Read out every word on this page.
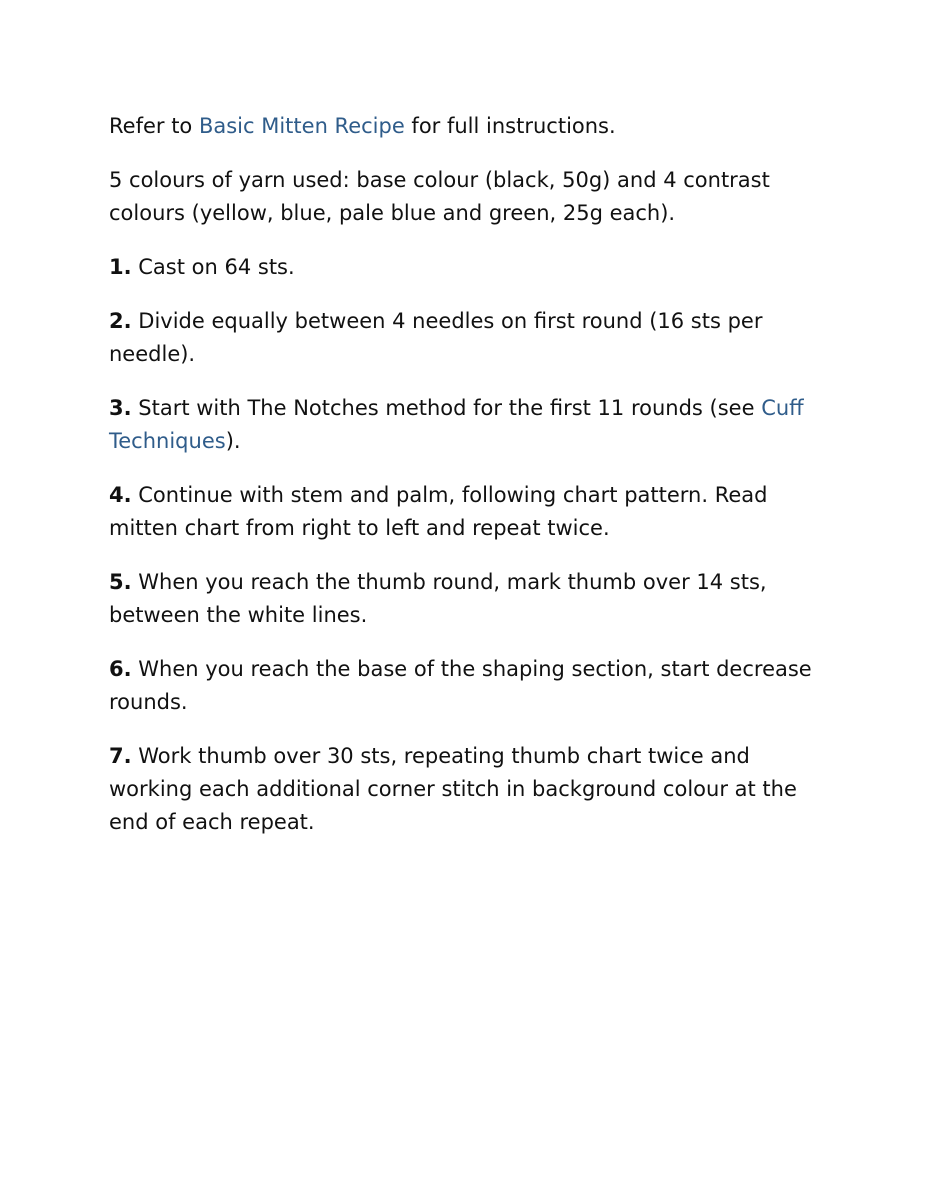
Refer to Basic Mitten Recipe for full instructions.

5 colours of yarn used: base colour (black, 50g) and 4 contrast colours (yellow, blue, pale blue and green, 25g each).

1. Cast on 64 sts.

2. Divide equally between 4 needles on first round (16 sts per needle).

3. Start with The Notches method for the first 11 rounds (see Cuff Techniques).

4. Continue with stem and palm, following chart pattern. Read mitten chart from right to left and repeat twice.

5. When you reach the thumb round, mark thumb over 14 sts, between the white lines.

6. When you reach the base of the shaping section, start decrease rounds.

7. Work thumb over 30 sts, repeating thumb chart twice and working each additional corner stitch in background colour at the end of each repeat.
